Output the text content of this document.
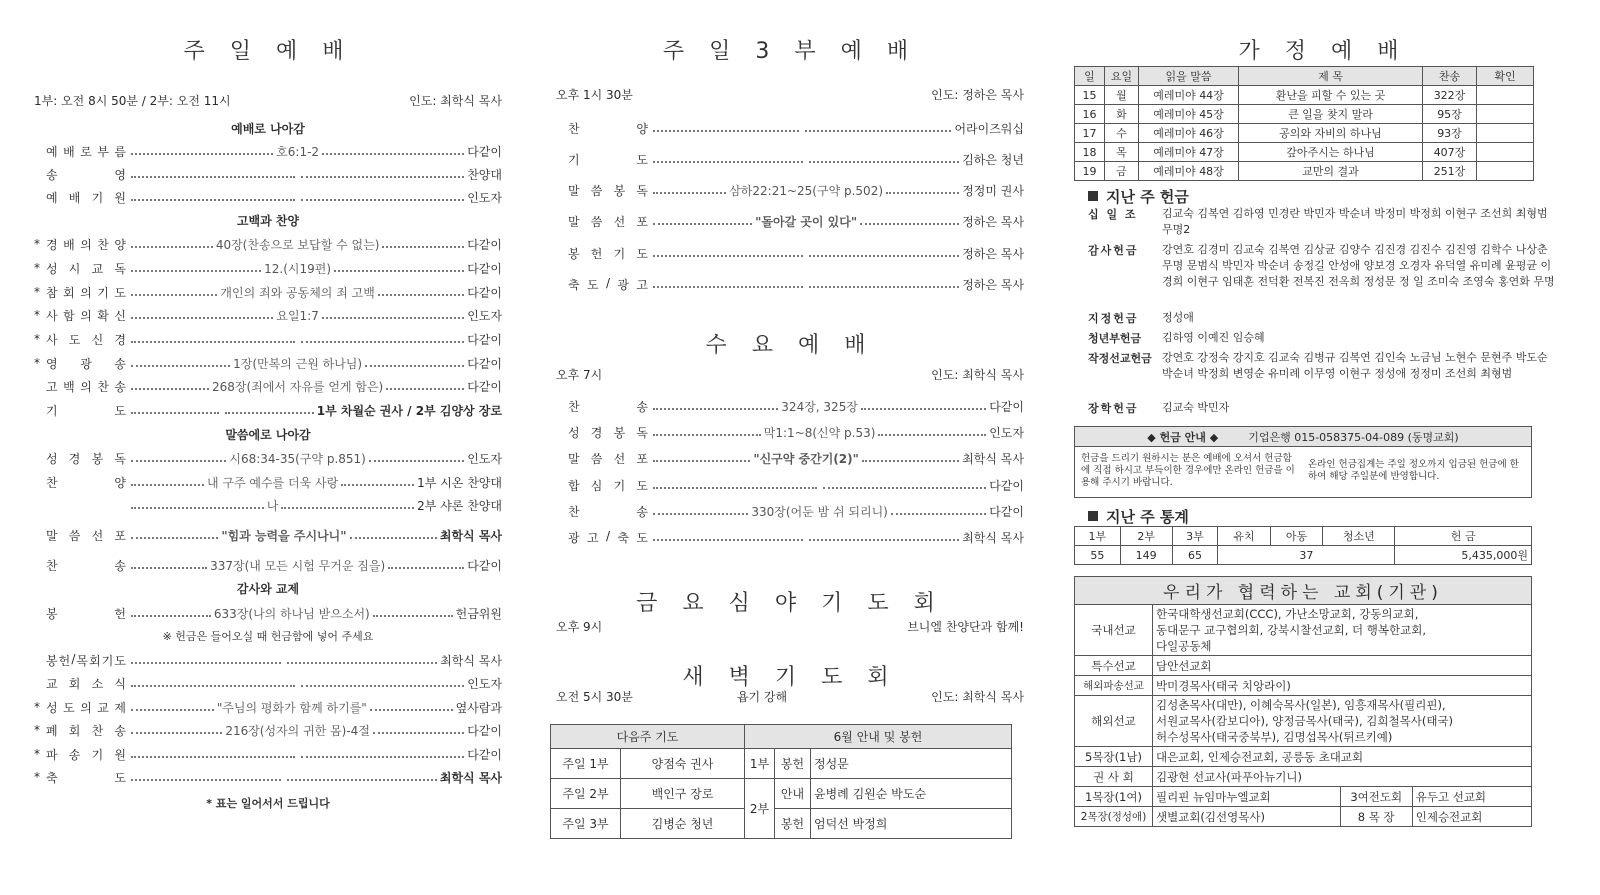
주 일 예 배
1부: 오전 8시 50분 / 2부: 오전 11시	인도: 최학식 목사
예배로 나아감
예 배 로 부 름	호6:1-2	다같이
송	영	찬양대
예 배 기 원	인도자
* 경 배 의 찬 양	40장(찬송으로 보답할 수 없는)	다같이
* 성 시 교 독	12.(시19편)	다같이
* 참 회 의 기 도	개인의 죄와 공동체의 죄 고백	다같이
* 사 함 의 확 신	요일1:7	인도자
* 사 도 신 경	다같이
* 영 광 송	1장(만복의 근원 하나님)	다같이
고 백 의 찬 송	268장(죄에서 자유를 얻게 함은)	다같이
기	도	1부 차월순 권사 / 2부 김양상 장로
성 경 봉 독	시68:34-35(구약 p.851)	인도자
찬	양	내 구주 예수를 더욱 사랑	1부 시온 찬양대
나	2부 샤론 찬양대
말 씀 선 포	"힘과 능력을 주시나니"	최학식 목사
찬	송	337장(내 모든 시험 무거운 짐을)	다같이
봉	헌	633장(나의 하나님 받으소서)	헌금위원
봉 헌 / 목 회 기 도	최학식 목사
교 회 소 식	인도자
* 성 도 의 교 제	"주님의 평화가 함께 하기를"	옆사람과
* 폐 회 찬 송	216장(성자의 귀한 몸)-4절	다같이
* 파 송 기 원	다같이
* 축	도	최학식 목사
고백과 찬양
말씀에로 나아감
감사와 교제
※ 헌금은 들어오실 때 헌금함에 넣어 주세요
* 표는 일어서서 드립니다
주 일 3 부 예 배
오후 1시 30분	인도: 정하은 목사
찬	양	어라이즈워십
기	도	김하은 청년
말 씀 봉 독	삼하22:21~25(구약 p.502)	정정미 권사
말 씀 선 포	"돌아갈 곳이 있다"	정하은 목사
봉 헌 기 도	정하은 목사
축 도 / 광 고	정하은 목사
수 요 예 배
오후 7시	인도: 최학식 목사
찬	송	324장, 325장	다같이
성 경 봉 독	막1:1~8(신약 p.53)	인도자
말 씀 선 포	"신구약 중간기(2)"	최학식 목사
합 심 기 도	다같이
찬	송	330장(어둔 밤 쉬 되리니)	다같이
광 고 / 축 도	최학식 목사
금 요 심 야 기 도 회
오후 9시	브니엘 찬양단과 함께!
새 벽 기 도 회
오전 5시 30분	욥기 강해	인도: 최학식 목사
다음주 기도		6월 안내 및 봉헌		
주일 1부	양점숙 권사	1부	봉헌	정성문
주일 2부	백인구 장로	2부	안내	윤병례 김원순 박도순
주일 3부	김병순 청년		봉헌	엄덕선 박정희
가 정 예 배
일	요일	읽을 말씀	제 목	찬송	확인
15	월	예레미야 44장	환난을 피할 수 있는 곳	322장	
16	화	예레미야 45장	큰 일을 찾지 말라	95장	
17	수	예레미야 46장	공의와 자비의 하나님	93장	
18	목	예레미야 47장	갚아주시는 하나님	407장	
19	금	예레미야 48장	교만의 결과	251장	
지난 주 헌금
십 일 조	김교숙 김복연 김하영 민경란 박민자 박순녀 박정미 박정희 이현구 조선희 최형범 무명2
감사헌금	강연호 김경미 김교숙 김복연 김상균 김양수 김진경 김진수 김진영 김학수 나상춘 무명 문범식 박민자 박순녀 송정길 안성애 양보경 오경자 유덕열 유미례 윤평균 이경희 이현구 임태훈 전덕환 전복진 전옥희 정성문 정 일 조미숙 조영숙 홍연화 무명
지정헌금	정성애
청년부헌금	김하영 이예진 임승혜
작정선교헌금 강연호 강정숙 강지호 김교숙 김병규 김복연 김인숙 노금님 노현수 문현주 박도순 박순녀 박정희 변영순 유미례 이무영 이현구 정성애 정정미 조선희 최형범
장학헌금	김교숙 박민자
◆ 헌금 안내 ◆	기업은행 015-058375-04-089 (동명교회)
헌금을 드리기 원하시는 분은 예배에 오셔서 헌금함에 직접 하시고 부득이한 경우에만 온라인 헌금을 이용해 주시기 바랍니다.
온라인 헌금집계는 주일 정오까지 입금된 헌금에 한하여 해당 주일분에 반영합니다.
지난 주 통계
1부	2부	3부	유치	아동	청소년	헌 금
55	149	65	37			5,435,000원
우리가 협력하는 교회(기관)			
국내선교	한국대학생선교회(CCC), 가난소망교회, 강동의교회,
동대문구 교구협의회, 강북시찰선교회, 더 행복한교회,
다일공동체		

특수선교	담안선교회		
해외파송선교	박미경목사(태국 치앙라이)		
해외선교	김성춘목사(대만), 이혜숙목사(일본), 임흥재목사(필리핀),
서원교목사(캄보디아), 양정금목사(태국), 김희철목사(태국)
허수성목사(태국중북부), 김명섭목사(튀르키예)		

5목장(1남)	대은교회, 인제승전교회, 공릉동 초대교회		
권 사 회	김광현 선교사(파푸아뉴기니)		
1목장(1여)	필리핀 뉴임마누엘교회	3여전도회	유두고 선교회
2목장(정성애)	샛별교회(김선영목사)	8 목 장	인제승전교회
